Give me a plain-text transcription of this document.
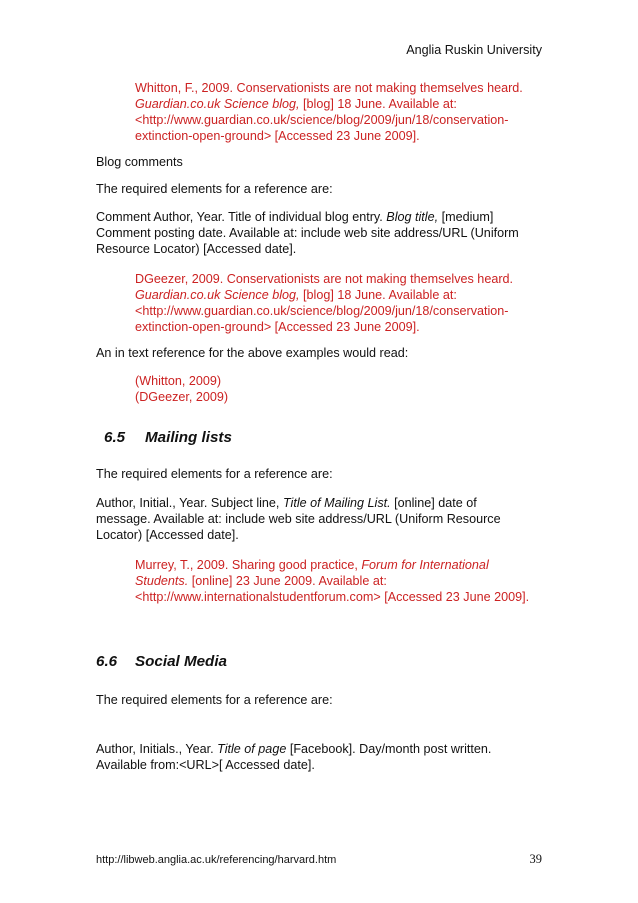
Anglia Ruskin University

Whitton, F., 2009. Conservationists are not making themselves heard.

Guardian.co.uk Science blog, [blog] 18 June. Available at:

<http://www.guardian.co.uk/science/blog/2009/jun/18/conservation-

extinction-open-ground> [Accessed 23 June 2009].

Blog comments

The required elements for a reference are:

Comment Author, Year. Title of individual blog entry. Blog title, [medium]

Comment posting date. Available at: include web site address/URL (Uniform

Resource Locator) [Accessed date].

DGeezer, 2009. Conservationists are not making themselves heard.

Guardian.co.uk Science blog, [blog] 18 June. Available at:

<http://www.guardian.co.uk/science/blog/2009/jun/18/conservation-

extinction-open-ground> [Accessed 23 June 2009].

An in text reference for the above examples would read:

(Whitton, 2009)

(DGeezer, 2009)

6.5 Mailing lists

The required elements for a reference are:

Author, Initial., Year. Subject line, Title of Mailing List. [online] date of

message. Available at: include web site address/URL (Uniform Resource

Locator) [Accessed date].

Murrey, T., 2009. Sharing good practice, Forum for International

Students. [online] 23 June 2009. Available at:

<http://www.internationalstudentforum.com> [Accessed 23 June 2009].

6.6 Social Media

The required elements for a reference are:

Author, Initials., Year. Title of page [Facebook]. Day/month post written.

Available from:<URL>[ Accessed date].

http://libweb.anglia.ac.uk/referencing/harvard.htm	39
